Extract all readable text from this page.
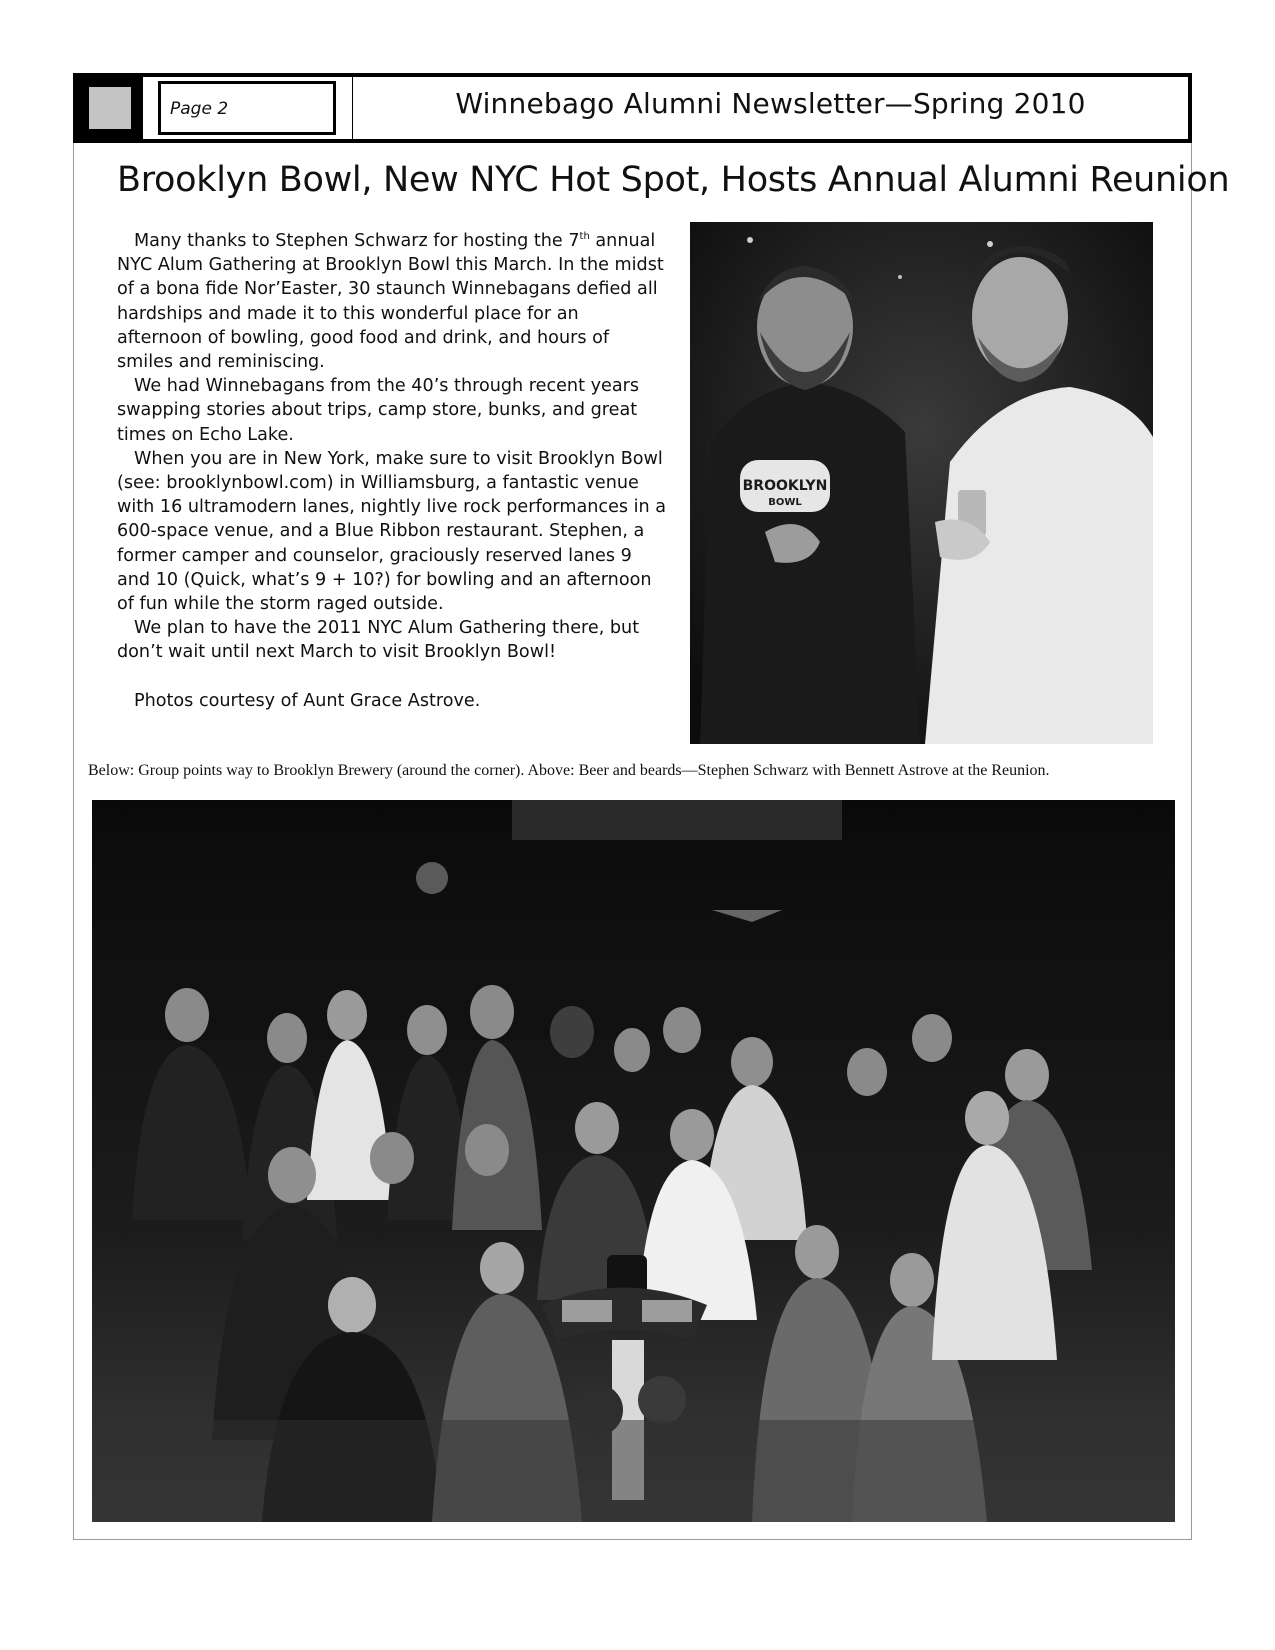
Page 2	Winnebago Alumni Newsletter—Spring 2010
Brooklyn Bowl, New NYC Hot Spot, Hosts Annual Alumni Reunion

Many thanks to Stephen Schwarz for hosting the 7th annual NYC Alum Gathering at Brooklyn Bowl this March. In the midst of a bona fide Nor’Easter, 30 staunch Winnebagans defied all hardships and made it to this wonderful place for an afternoon of bowling, good food and drink, and hours of smiles and reminiscing.

We had Winnebagans from the 40’s through recent years swapping stories about trips, camp store, bunks, and great times on Echo Lake.

When you are in New York, make sure to visit Brooklyn Bowl (see: brooklynbowl.com) in Williamsburg, a fantastic venue with 16 ultramodern lanes, nightly live rock performances in a 600-space venue, and a Blue Ribbon restaurant. Stephen, a former camper and counselor, graciously reserved lanes 9 and 10 (Quick, what’s 9 + 10?) for bowling and an afternoon of fun while the storm raged outside.

We plan to have the 2011 NYC Alum Gathering there, but don’t wait until next March to visit Brooklyn Bowl!

Photos courtesy of Aunt Grace Astrove.

BROOKLYN
BOWL
Below: Group points way to Brooklyn Brewery (around the corner). Above: Beer and beards—Stephen Schwarz with Bennett Astrove at the Reunion.
